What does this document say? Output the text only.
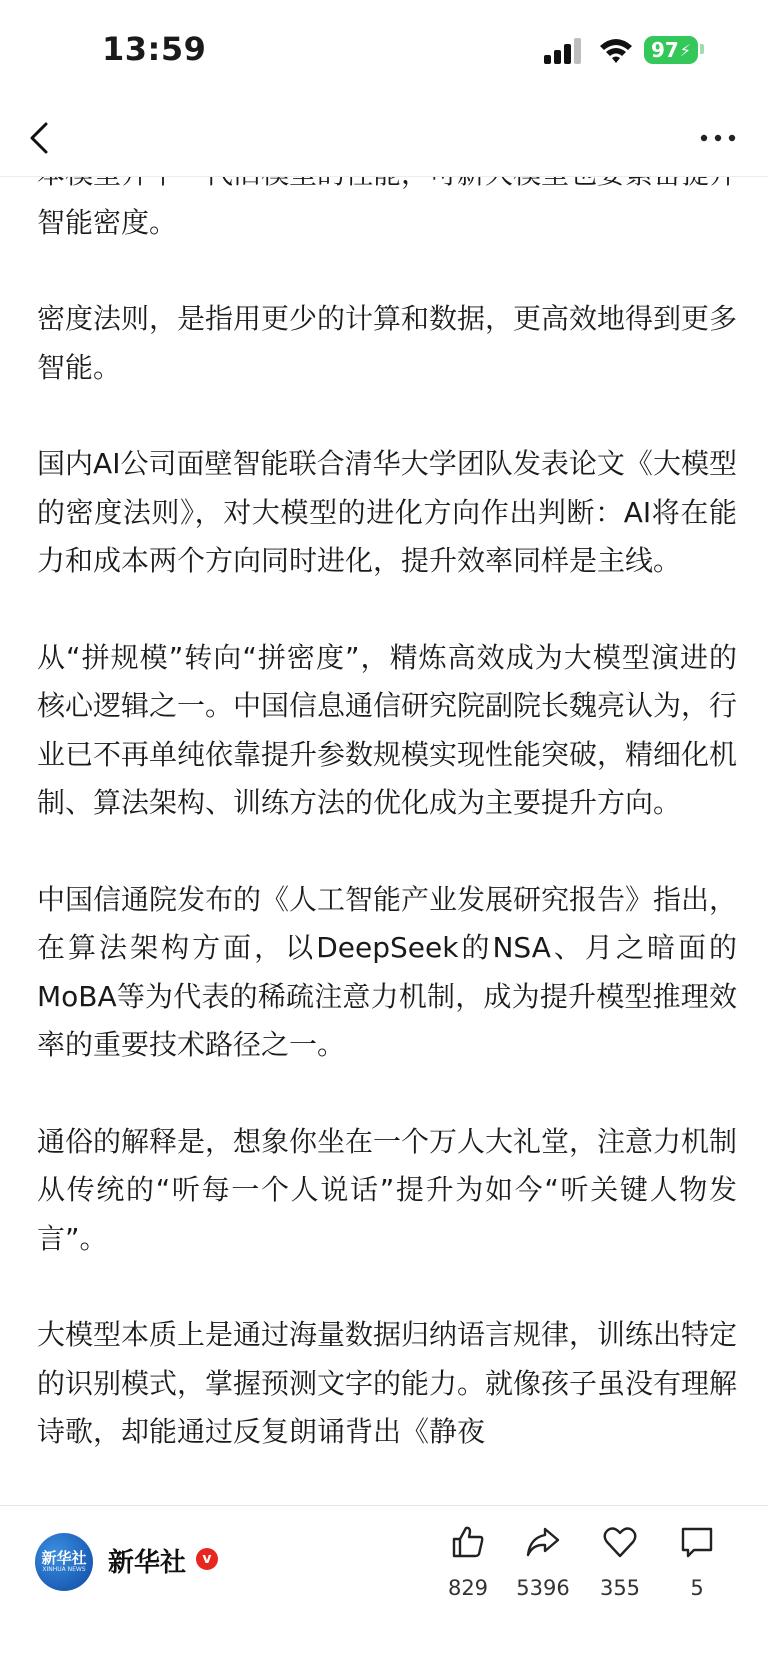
13:59	97 ⚡

智能密度。

密度法则，是指用更少的计算和数据，更高效地得到更多智能。

国内AI公司面壁智能联合清华大学团队发表论文《大模型的密度法则》，对大模型的进化方向作出判断：AI将在能力和成本两个方向同时进化，提升效率同样是主线。

从“拼规模”转向“拼密度”，精炼高效成为大模型演进的核心逻辑之一。中国信息通信研究院副院长魏亮认为，行业已不再单纯依靠提升参数规模实现性能突破，精细化机制、算法架构、训练方法的优化成为主要提升方向。

中国信通院发布的《人工智能产业发展研究报告》指出，在算法架构方面，以DeepSeek的NSA、月之暗面的MoBA等为代表的稀疏注意力机制，成为提升模型推理效率的重要技术路径之一。

通俗的解释是，想象你坐在一个万人大礼堂，注意力机制从传统的“听每一个人说话”提升为如今“听关键人物发言”。

大模型本质上是通过海量数据归纳语言规律，训练出特定的识别模式，掌握预测文字的能力。就像孩子虽没有理解诗歌，却能通过反复朗诵背出《静夜

新华社
XINHUA NEWS 新华社	v
829	5396	355	5
